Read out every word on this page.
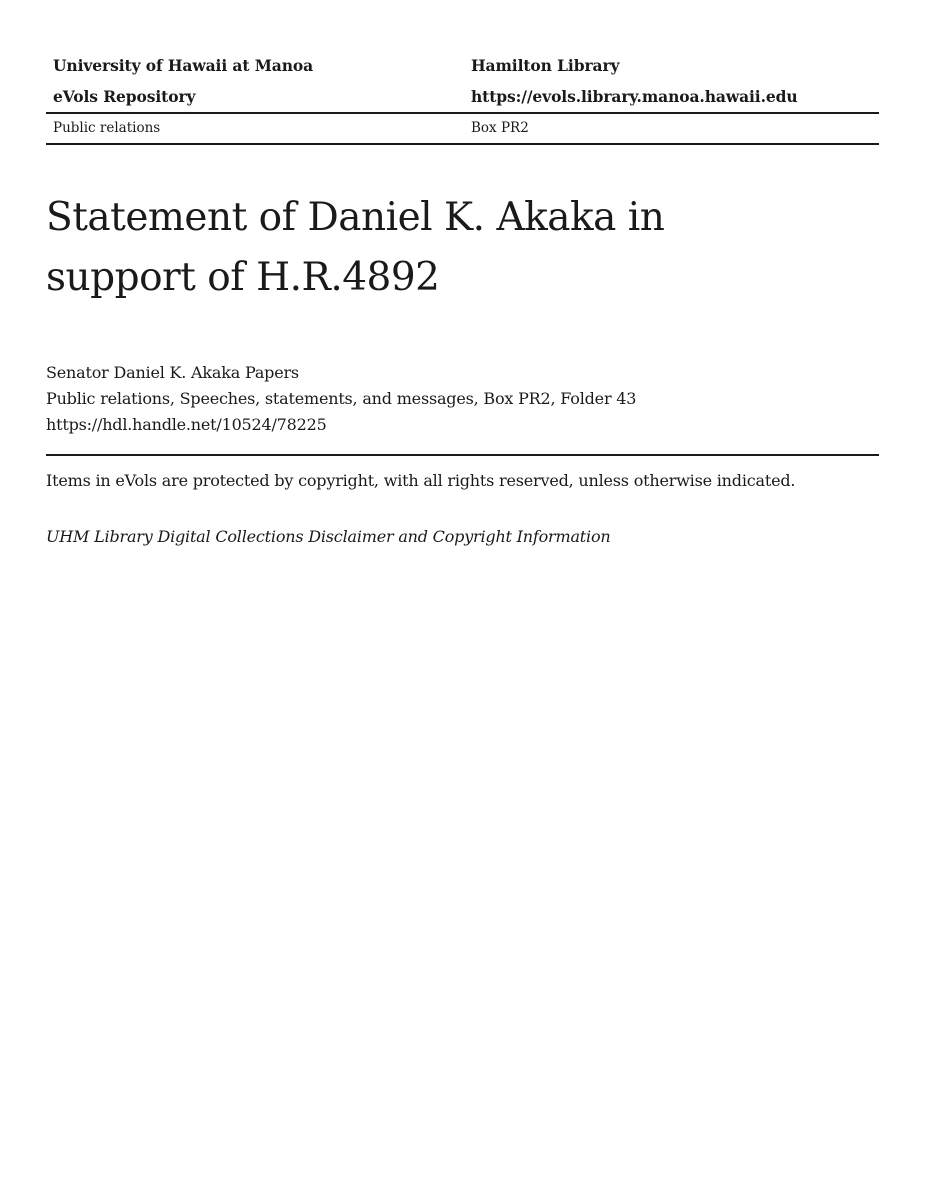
University of Hawaii at Manoa	Hamilton Library
eVols Repository	https://evols.library.manoa.hawaii.edu
Public relations	Box PR2
Statement of Daniel K. Akaka in
support of H.R.4892
Senator Daniel K. Akaka Papers
Public relations, Speeches, statements, and messages, Box PR2, Folder 43
https://hdl.handle.net/10524/78225
Items in eVols are protected by copyright, with all rights reserved, unless otherwise indicated.
UHM Library Digital Collections Disclaimer and Copyright Information
